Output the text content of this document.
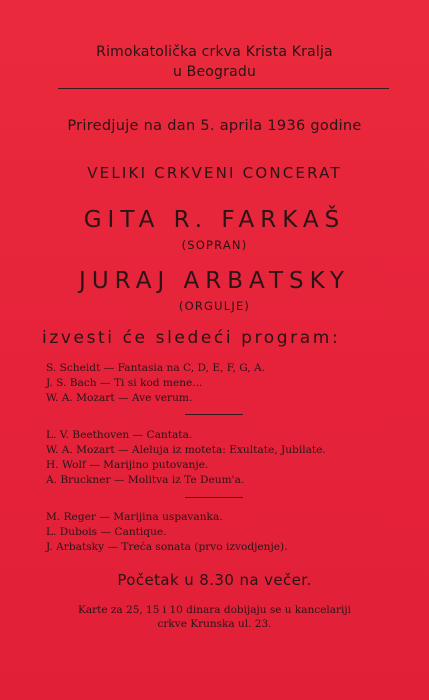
Rimokatolička crkva Krista Kralja
u Beogradu
Priredjuje na dan 5. aprila 1936 godine
VELIKI CRKVENI CONCERAT
GITA R. FARKAŠ
(SOPRAN)
JURAJ ARBATSKY
(ORGULJE)
izvesti će sledeći program:
S. Scheidt — Fantasia na C, D, E, F, G, A.
J. S. Bach — Ti si kod mene...
W. A. Mozart — Ave verum.
L. V. Beethoven — Cantata.
W. A. Mozart — Aleluja iz moteta: Exultate, Jubilate.
H. Wolf — Marijino putovanje.
A. Bruckner — Molitva iz Te Deum'a.
M. Reger — Marijina uspavanka.
L. Dubois — Cantique.
J. Arbatsky — Treća sonata (prvo izvodjenje).
Početak u 8.30 na večer.
Karte za 25, 15 i 10 dinara dobijaju se u kancelariji
crkve Krunska ul. 23.
